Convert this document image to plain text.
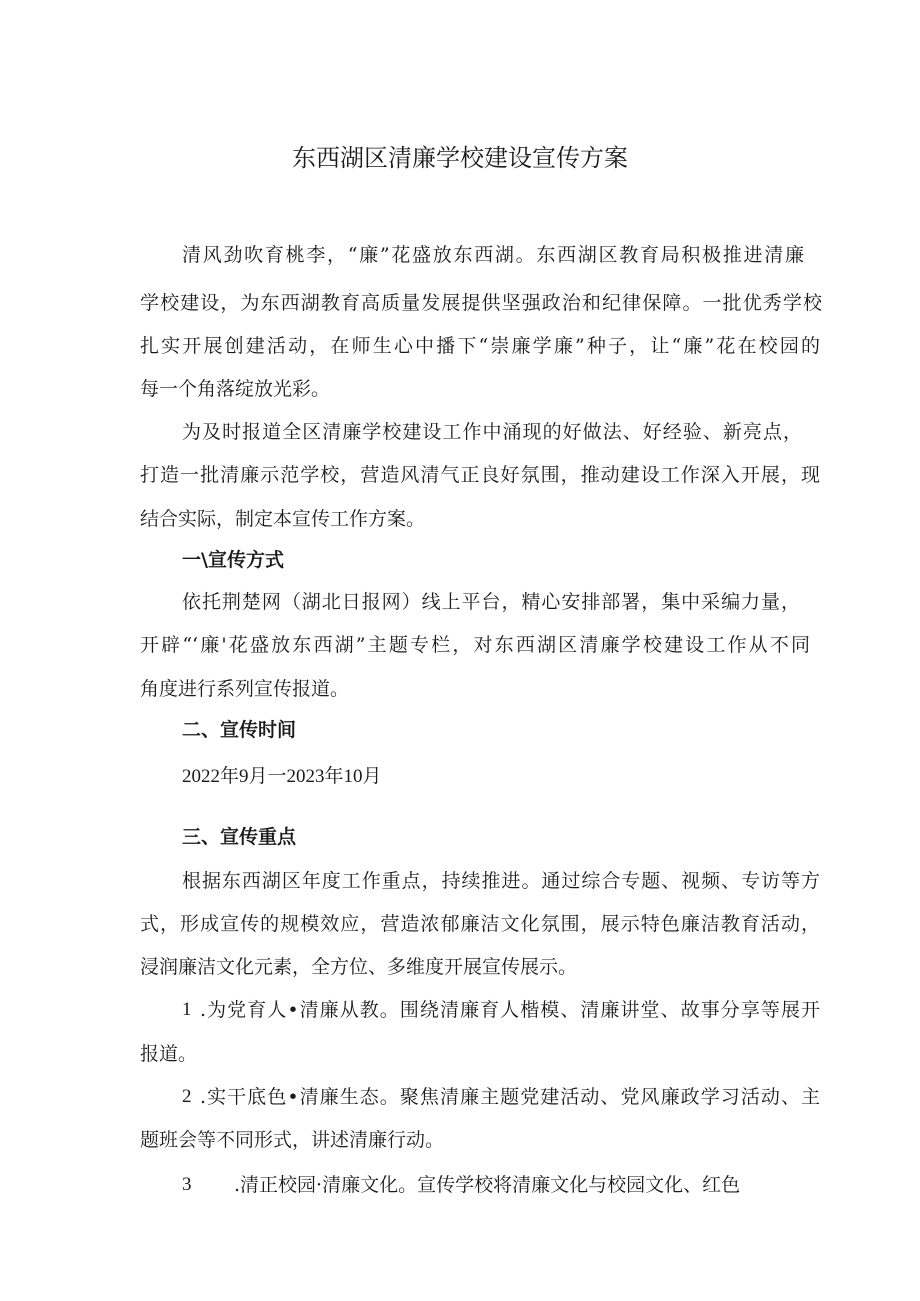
东西湖区清廉学校建设宣传方案

清风劲吹育桃李，“廉”花盛放东西湖。东西湖区教育局积极推进清廉

学校建设，为东西湖教育高质量发展提供坚强政治和纪律保障。一批优秀学校

扎实开展创建活动，在师生心中播下“崇廉学廉”种子，让“廉”花在校园的

每一个角落绽放光彩。

为及时报道全区清廉学校建设工作中涌现的好做法、好经验、新亮点，

打造一批清廉示范学校，营造风清气正良好氛围，推动建设工作深入开展，现

结合实际，制定本宣传工作方案。

一\宣传方式

依托荆楚网（湖北日报网）线上平台，精心安排部署，集中采编力量，

开辟“‘廉'花盛放东西湖”主题专栏，对东西湖区清廉学校建设工作从不同

角度进行系列宣传报道。

二、宣传时间

2022年9月一2023年10月

三、宣传重点

根据东西湖区年度工作重点，持续推进。通过综合专题、视频、专访等方

式，形成宣传的规模效应，营造浓郁廉洁文化氛围，展示特色廉洁教育活动，

浸润廉洁文化元素，全方位、多维度开展宣传展示。

1 .为党育人•清廉从教。围绕清廉育人楷模、清廉讲堂、故事分享等展开

报道。

2 .实干底色•清廉生态。聚焦清廉主题党建活动、党风廉政学习活动、主

题班会等不同形式，讲述清廉行动。

3 .清正校园·清廉文化。宣传学校将清廉文化与校园文化、红色
